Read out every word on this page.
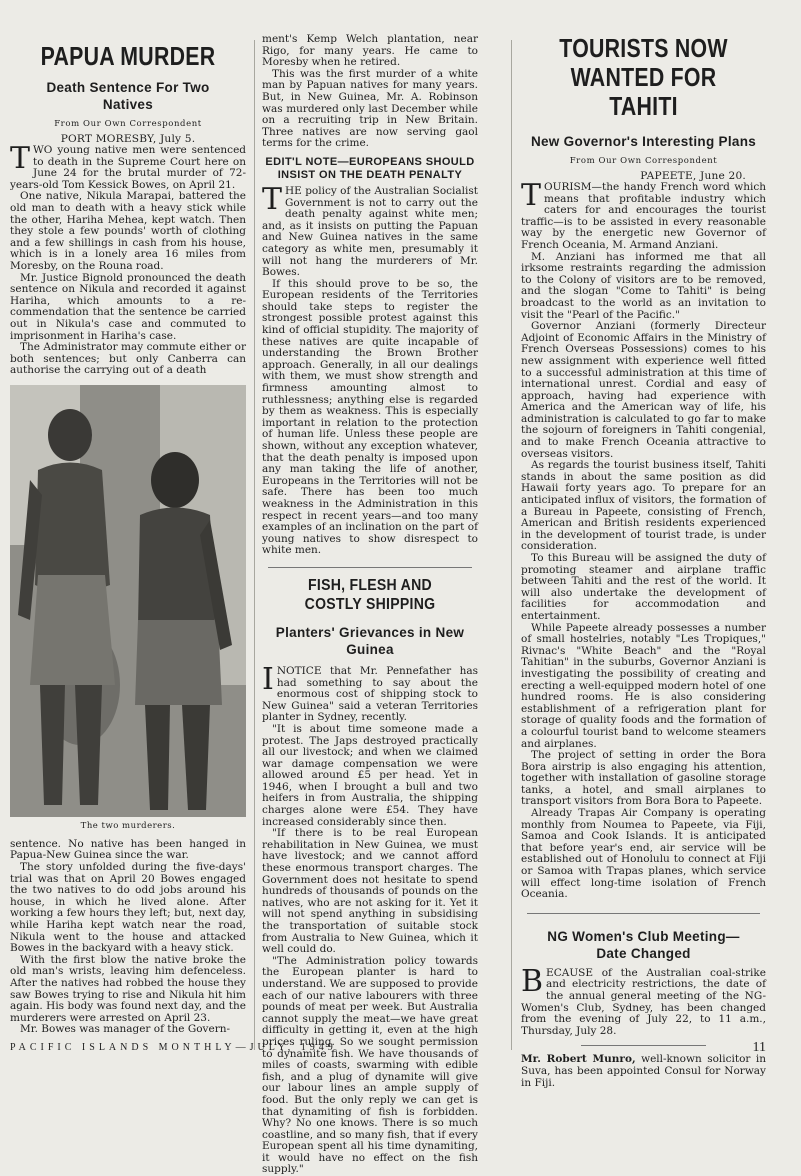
PAPUA MURDER
Death Sentence For Two Natives
From Our Own Correspondent
PORT MORESBY, July 5.

TWO young native men were sentenced to death in the Supreme Court here on June 24 for the brutal murder of 72-years-old Tom Kessick Bowes, on April 21.

One native, Nikula Marapai, battered the old man to death with a heavy stick while the other, Hariha Mehea, kept watch. Then they stole a few pounds' worth of clothing and a few shillings in cash from his house, which is in a lonely area 16 miles from Moresby, on the Rouna road.

Mr. Justice Bignold pronounced the death sentence on Nikula and recorded it against Hariha, which amounts to a re-commendation that the sentence be carried out in Nikula's case and commuted to imprisonment in Hariha's case.

The Administrator may commute either or both sentences; but only Canberra can authorise the carrying out of a death

The two murderers.

sentence. No native has been hanged in Papua-New Guinea since the war.

The story unfolded during the five-days' trial was that on April 20 Bowes engaged the two natives to do odd jobs around his house, in which he lived alone. After working a few hours they left; but, next day, while Hariha kept watch near the road, Nikula went to the house and attacked Bowes in the backyard with a heavy stick.

With the first blow the native broke the old man's wrists, leaving him defenceless. After the natives had robbed the house they saw Bowes trying to rise and Nikula hit him again. His body was found next day, and the murderers were arrested on April 23.

Mr. Bowes was manager of the Govern-

ment's Kemp Welch plantation, near Rigo, for many years. He came to Moresby when he retired.

This was the first murder of a white man by Papuan natives for many years. But, in New Guinea, Mr. A. Robinson was murdered only last December while on a recruiting trip in New Britain. Three natives are now serving gaol terms for the crime.

EDIT'L NOTE—EUROPEANS SHOULD INSIST ON THE DEATH PENALTY

THE policy of the Australian Socialist Government is not to carry out the death penalty against white men; and, as it insists on putting the Papuan and New Guinea natives in the same category as white men, presumably it will not hang the murderers of Mr. Bowes.

If this should prove to be so, the European residents of the Territories should take steps to register the strongest possible protest against this kind of official stupidity. The majority of these natives are quite incapable of understanding the Brown Brother approach. Generally, in all our dealings with them, we must show strength and firmness amounting almost to ruthlessness; anything else is regarded by them as weakness. This is especially important in relation to the protection of human life. Unless these people are shown, without any exception whatever, that the death penalty is imposed upon any man taking the life of another, Europeans in the Territories will not be safe. There has been too much weakness in the Administration in this respect in recent years—and too many examples of an inclination on the part of young natives to show disrespect to white men.

FISH, FLESH AND COSTLY SHIPPING
Planters' Grievances in New Guinea

INOTICE that Mr. Pennefather has had something to say about the enormous cost of shipping stock to New Guinea" said a veteran Territories planter in Sydney, recently.

"It is about time someone made a protest. The Japs destroyed practically all our livestock; and when we claimed war damage compensation we were allowed around £5 per head. Yet in 1946, when I brought a bull and two heifers in from Australia, the shipping charges alone were £54. They have increased considerably since then.

"If there is to be real European rehabilitation in New Guinea, we must have livestock; and we cannot afford these enormous transport charges. The Government does not hesitate to spend hundreds of thousands of pounds on the natives, who are not asking for it. Yet it will not spend anything in subsidising the transportation of suitable stock from Australia to New Guinea, which it well could do.

"The Administration policy towards the European planter is hard to understand. We are supposed to provide each of our native labourers with three pounds of meat per week. But Australia cannot supply the meat—we have great difficulty in getting it, even at the high prices ruling. So we sought permission to dynamite fish. We have thousands of miles of coasts, swarming with edible fish, and a plug of dynamite will give our labour lines an ample supply of food. But the only reply we can get is that dynamiting of fish is forbidden. Why? No one knows. There is so much coastline, and so many fish, that if every European spent all his time dynamiting, it would have no effect on the fish supply."

TOURISTS NOW WANTED FOR TAHITI
New Governor's Interesting Plans
From Our Own Correspondent
PAPEETE, June 20.

TOURISM—the handy French word which means that profitable industry which caters for and encourages the tourist traffic—is to be assisted in every reasonable way by the energetic new Governor of French Oceania, M. Armand Anziani.

M. Anziani has informed me that all irksome restraints regarding the admission to the Colony of visitors are to be removed, and the slogan "Come to Tahiti" is being broadcast to the world as an invitation to visit the "Pearl of the Pacific."

Governor Anziani (formerly Directeur Adjoint of Economic Affairs in the Ministry of French Overseas Possessions) comes to his new assignment with experience well fitted to a successful administration at this time of international unrest. Cordial and easy of approach, having had experience with America and the American way of life, his administration is calculated to go far to make the sojourn of foreigners in Tahiti congenial, and to make French Oceania attractive to overseas visitors.

As regards the tourist business itself, Tahiti stands in about the same position as did Hawaii forty years ago. To prepare for an anticipated influx of visitors, the formation of a Bureau in Papeete, consisting of French, American and British residents experienced in the development of tourist trade, is under consideration.

To this Bureau will be assigned the duty of promoting steamer and airplane traffic between Tahiti and the rest of the world. It will also undertake the development of facilities for accommodation and entertainment.

While Papeete already possesses a number of small hostelries, notably "Les Tropiques," Rivnac's "White Beach" and the "Royal Tahitian" in the suburbs, Governor Anziani is investigating the possibility of creating and erecting a well-equipped modern hotel of one hundred rooms. He is also considering establishment of a refrigeration plant for storage of quality foods and the formation of a colourful tourist band to welcome steamers and airplanes.

The project of setting in order the Bora Bora airstrip is also engaging his attention, together with installation of gasoline storage tanks, a hotel, and small airplanes to transport visitors from Bora Bora to Papeete.

Already Trapas Air Company is operating monthly from Noumea to Papeete, via Fiji, Samoa and Cook Islands. It is anticipated that before year's end, air service will be established out of Honolulu to connect at Fiji or Samoa with Trapas planes, which service will effect long-time isolation of French Oceania.

NG Women's Club Meeting— Date Changed

BECAUSE of the Australian coal-strike and electricity restrictions, the date of the annual general meeting of the NG-Women's Club, Sydney, has been changed from the evening of July 22, to 11 a.m., Thursday, July 28.

Mr. Robert Munro, well-known solicitor in Suva, has been appointed Consul for Norway in Fiji.
PACIFIC ISLANDS MONTHLY—JULY, 1949	11
